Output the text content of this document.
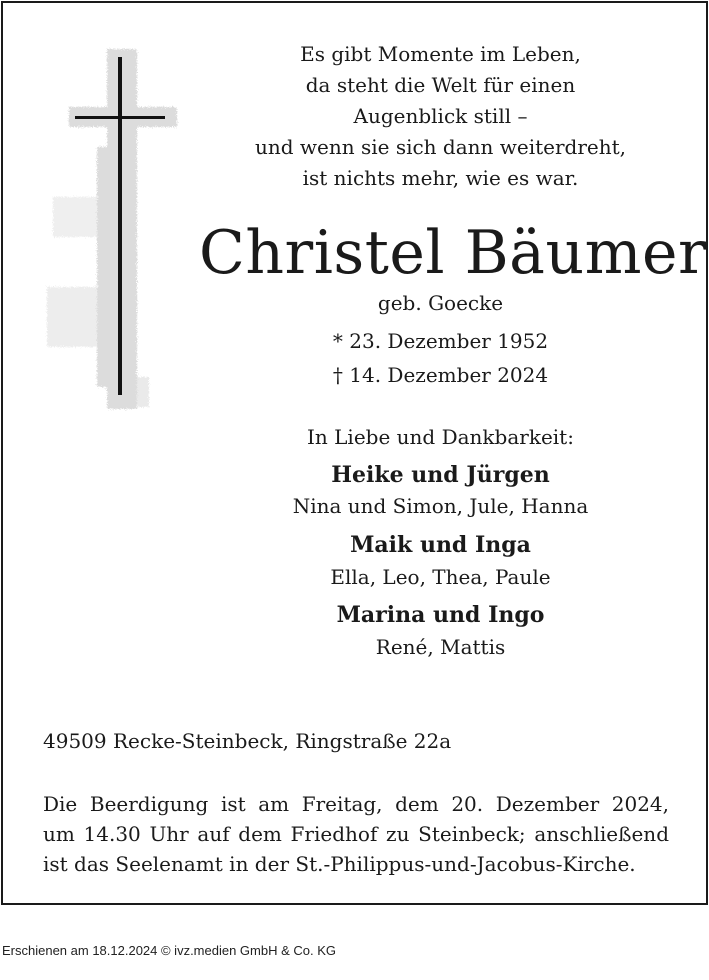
Es gibt Momente im Leben,
da steht die Welt für einen
Augenblick still –
und wenn sie sich dann weiterdreht,
ist nichts mehr, wie es war.
Christel Bäumer
geb. Goecke
* 23. Dezember 1952
† 14. Dezember 2024
In Liebe und Dankbarkeit:
Heike und Jürgen
Nina und Simon, Jule, Hanna
Maik und Inga
Ella, Leo, Thea, Paule
Marina und Ingo
René, Mattis
49509 Recke-Steinbeck, Ringstraße 22a
Die Beerdigung ist am Freitag, dem 20. Dezember 2024,
um 14.30 Uhr auf dem Friedhof zu Steinbeck; anschließend
ist das Seelenamt in der St.-Philippus-und-Jacobus-Kirche.
Erschienen am 18.12.2024 © ivz.medien GmbH & Co. KG
